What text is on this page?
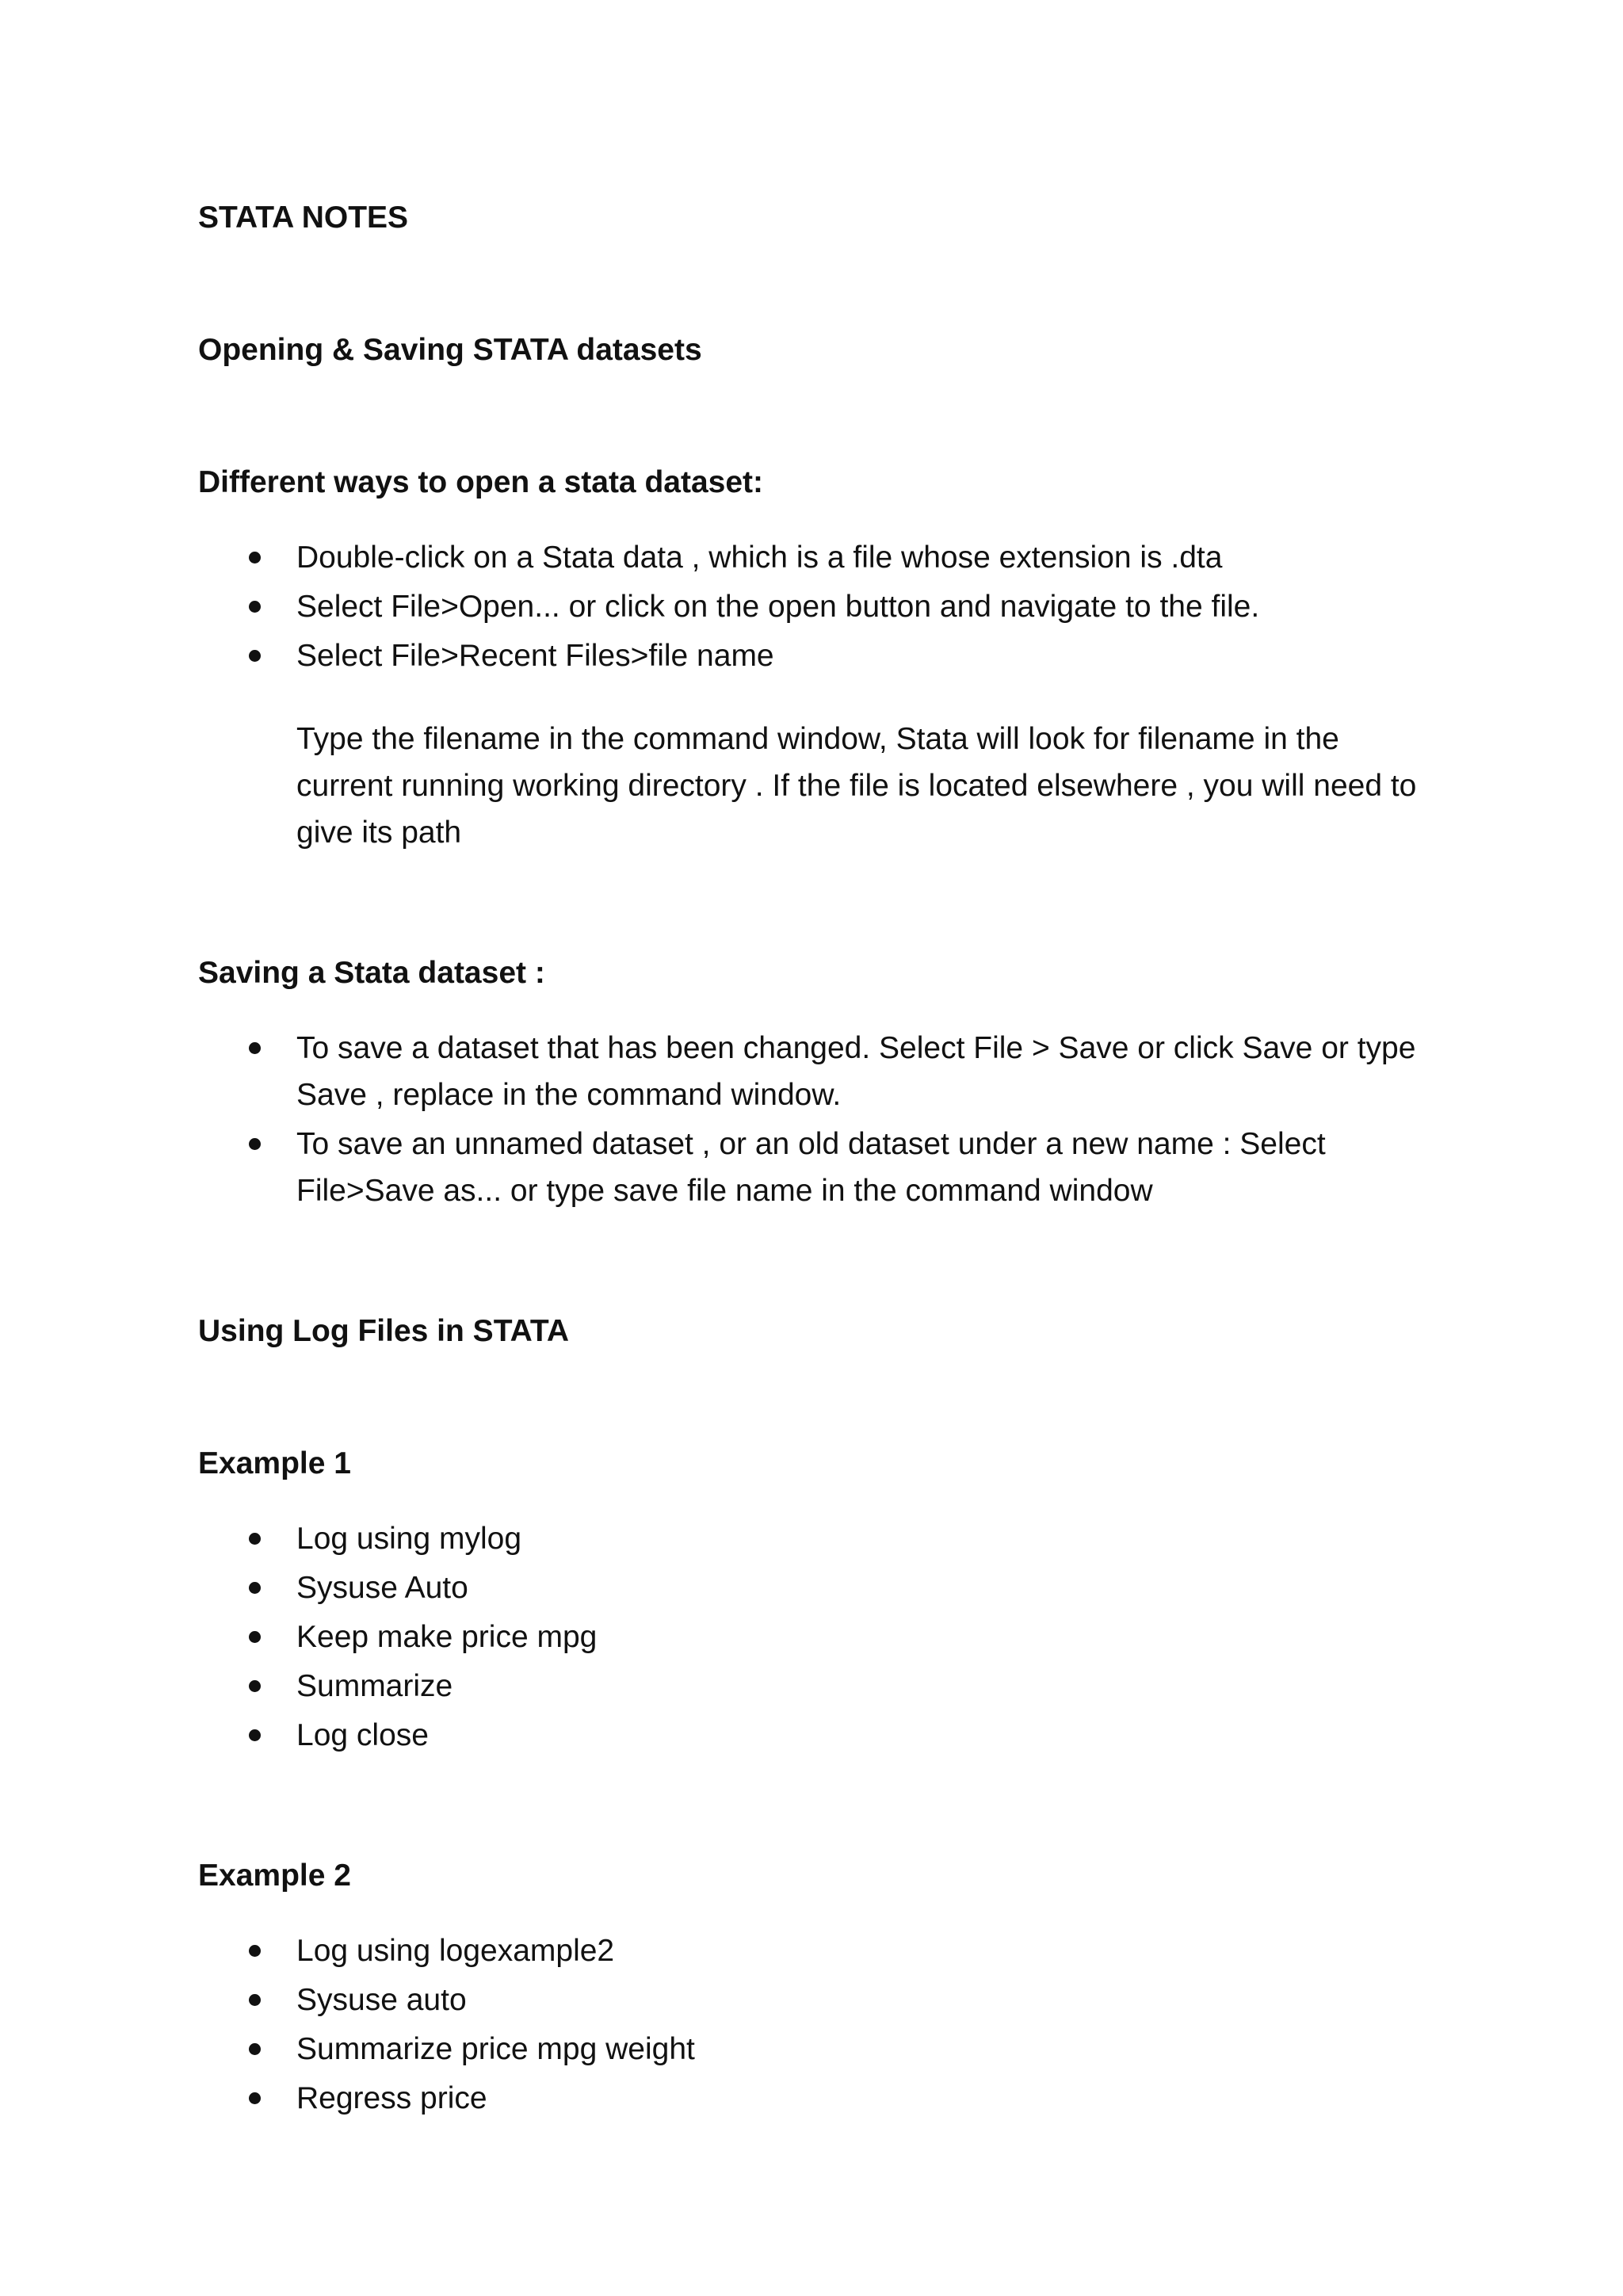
STATA NOTES
Opening & Saving STATA datasets
Different ways to open a stata dataset:
Double-click on a Stata data , which is a file whose extension is .dta
Select File>Open... or click on the open button and navigate to the file.
Select File>Recent Files>file name

Type the filename in the command window, Stata will look for filename in the current running working directory . If the file is located elsewhere , you will need to give its path

Saving a Stata dataset :
To save a dataset that has been changed. Select File > Save or click Save or type Save , replace in the command window.
To save an unnamed dataset , or an old dataset under a new name : Select File>Save as... or type save file name in the command window
Using Log Files in STATA
Example 1
Log using mylog
Sysuse Auto
Keep make price mpg
Summarize
Log close
Example 2
Log using logexample2
Sysuse auto
Summarize price mpg weight
Regress price
